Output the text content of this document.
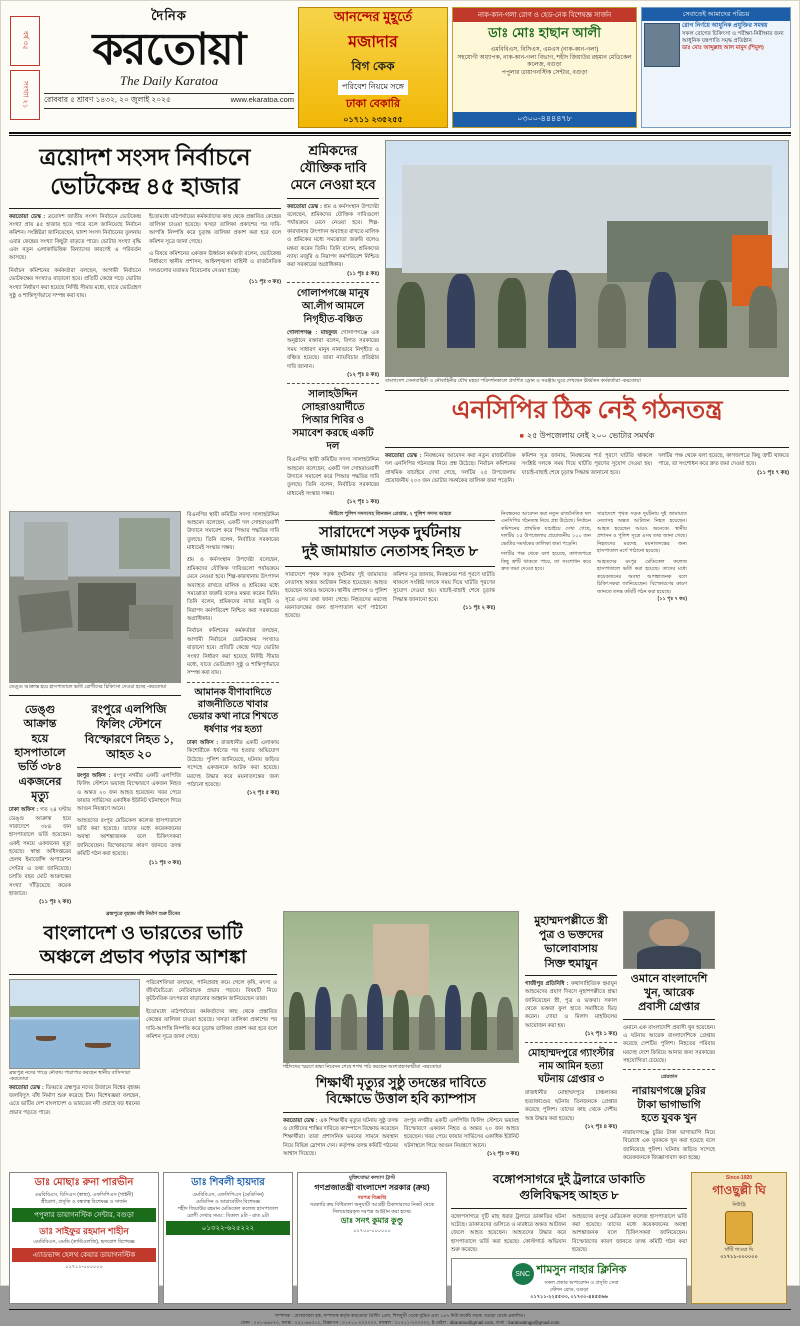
বর্ষ ৩৫
সংখ্যা ২১
দৈনিক
করতোয়া
The Daily Karatoa
রোববার ৫ শ্রাবণ ১৪৩২, ২০ জুলাই ২০২৫	www.ekaratoa.com
আনন্দের মুহূর্তে
মজাদার
বিগ কেক
পরিবেশ নিয়মে সঙ্গে
ঢাকা বেকারি
০১৭১১ ২৩৫২৫৫
নাক-কান-গলা রোগ ও হেড-নেক বিশেষজ্ঞ সার্জন
ডাঃ মোঃ হাছান আলী
এমবিবিএস, বিসিএস, এমএস (নাক-কান-গলা)
সহযোগী অধ্যাপক, নাক-কান-গলা বিভাগ, শহীদ জিয়াউর রহমান মেডিকেল কলেজ, বগুড়া
পপুলার ডায়াগনস্টিক সেন্টার, বগুড়া
০৩০০-৪৪৪৪৭৮
সেবাতেই আমাদের পরিচয়
রোগ নির্ণয়ে আধুনিক প্রযুক্তির সমন্বয়
সকল রোগের চিকিৎসা ও পরীক্ষা-নিরীক্ষার জন্য আধুনিক যন্ত্রপাতি সমৃদ্ধ প্রতিষ্ঠান
ডাঃ মোঃ আব্দুল্লাহ আল মামুন (শিমুল)
ত্রয়োদশ সংসদ নির্বাচনে
ভোটকেন্দ্র ৪৫ হাজার
করতোয়া ডেস্ক : ত্রয়োদশ জাতীয় সংসদ নির্বাচনে ভোটকেন্দ্র সংখ্যা প্রায় ৪৫ হাজার হতে পারে বলে জানিয়েছে নির্বাচন কমিশন। সংশ্লিষ্টরা জানিয়েছেন, দ্বাদশ সংসদ নির্বাচনের তুলনায় এবার কেন্দ্রের সংখ্যা কিছুটা বাড়তে পারে। ভোটার সংখ্যা বৃদ্ধি এবং নতুন এলাকাভিত্তিক বিন্যাসের কারণেই এ পরিবর্তন আসছে।

নির্বাচন কমিশনের কর্মকর্তারা বলছেন, আগামী নির্বাচনে ভোটকক্ষের সংখ্যাও বাড়ানো হবে। প্রতিটি কেন্দ্রে গড়ে ভোটার সংখ্যা নির্ধারণ করা হয়েছে নির্দিষ্ট সীমার মধ্যে, যাতে ভোটগ্রহণ সুষ্ঠু ও শান্তিপূর্ণভাবে সম্পন্ন করা যায়।

ইতোমধ্যে মাঠপর্যায়ের কর্মকর্তাদের কাছ থেকে প্রস্তাবিত কেন্দ্রের তালিকা চাওয়া হয়েছে। খসড়া তালিকা প্রকাশের পর দাবি-আপত্তি নিষ্পত্তি করে চূড়ান্ত তালিকা প্রকাশ করা হবে বলে কমিশন সূত্রে জানা গেছে।

এ বিষয়ে কমিশনের একজন ঊর্ধ্বতন কর্মকর্তা বলেন, ভোটকেন্দ্র নির্ধারণে স্থানীয় প্রশাসন, আইনশৃঙ্খলা বাহিনী ও রাজনৈতিক দলগুলোর মতামত বিবেচনায় নেওয়া হচ্ছে।

(১১ পৃঃ ৩ কঃ)

শ্রমিকদের যৌক্তিক দাবি মেনে নেওয়া হবে
করতোয়া ডেস্ক : শ্রম ও কর্মসংস্থান উপদেষ্টা বলেছেন, শ্রমিকদের যৌক্তিক দাবিগুলো পর্যায়ক্রমে মেনে নেওয়া হবে। শিল্প-কারখানায় উৎপাদন অব্যাহত রাখতে মালিক ও শ্রমিকের মধ্যে সমঝোতা জরুরি বলেও মন্তব্য করেন তিনি। তিনি বলেন, শ্রমিকদের ন্যায্য মজুরি ও নিরাপদ কর্মপরিবেশ নিশ্চিত করা সরকারের অগ্রাধিকার।
(১১ পৃঃ ৫ কঃ)
গোলাপগঞ্জে মানুষ আ.লীগ আমলে নিগৃহীত-বঞ্চিত
গোলাপগঞ্জ : মাহফুজ গোলাপগঞ্জে এক অনুষ্ঠানে বক্তারা বলেন, বিগত সরকারের সময় সাধারণ মানুষ নানাভাবে নিগৃহীত ও বঞ্চিত হয়েছে। তারা ন্যায়বিচার প্রতিষ্ঠার দাবি জানান।
(১২ পৃঃ ৪ কঃ)
সালাহউদ্দিন সোহরাওয়ার্দীতে পিআর শিবির ও সমাবেশ করছে একটি দল
বিএনপির স্থায়ী কমিটির সদস্য সালাহউদ্দিন আহমেদ বলেছেন, একটি দল সোহরাওয়ার্দী উদ্যানে সমাবেশ করে পিআর পদ্ধতির দাবি তুলছে। তিনি বলেন, নির্বাচিত সরকারের মাধ্যমেই সংস্কার সম্ভব।
(১২ পৃঃ ১ কঃ)
বাংলাদেশ সেনাবাহিনী ও নৌবাহিনীর যৌথ মহড়া পরিদর্শনকালে প্রদর্শিত ড্রোন ও সরঞ্জাম ঘুরে দেখছেন ঊর্ধ্বতন কর্মকর্তারা -করতোয়া
এনসিপির ঠিক নেই গঠনতন্ত্র
■ ২৫ উপজেলায় নেই ২০০ ভোটার সমর্থক
করতোয়া ডেস্ক : নিবন্ধনের আবেদন করা নতুন রাজনৈতিক দল এনসিপির গঠনতন্ত্র নিয়ে প্রশ্ন উঠেছে। নির্বাচন কমিশনের প্রাথমিক যাচাইয়ে দেখা গেছে, দলটির ২৫ উপজেলায় প্রয়োজনীয় ২০০ জন ভোটার সমর্থকের তালিকা জমা পড়েনি।
কমিশন সূত্র জানায়, নিবন্ধনের শর্ত পূরণে ঘাটতি থাকলে সংশ্লিষ্ট দলকে সময় দিয়ে ঘাটতি পূরণের সুযোগ দেওয়া হয়। যাচাই-বাছাই শেষে চূড়ান্ত সিদ্ধান্ত জানানো হবে।
দলটির পক্ষ থেকে বলা হয়েছে, কাগজপত্রে কিছু ত্রুটি থাকতে পারে, তা সংশোধন করে দ্রুত জমা দেওয়া হবে।
(১১ পৃঃ ৭ কঃ)
ডেঙ্গু আক্রান্ত হয়ে হাসপাতালে ভর্তি রোগীদের চিকিৎসা দেওয়া হচ্ছে -করতোয়া
ডেঙ্গু আক্রান্ত
হয়ে হাসপাতালে
ভর্তি ৩৮৪
একজনের মৃত্যু
ঢাকা অফিস : গত ২৪ ঘণ্টায় ডেঙ্গু আক্রান্ত হয়ে সারাদেশে ৩৮৪ জন হাসপাতালে ভর্তি হয়েছেন। একই সময়ে একজনের মৃত্যু হয়েছে। স্বাস্থ্য অধিদপ্তরের হেলথ ইমার্জেন্সি অপারেশন সেন্টার এ তথ্য জানিয়েছে। চলতি বছর মোট আক্রান্তের সংখ্যা দাঁড়িয়েছে কয়েক হাজারে।
(১১ পৃঃ ২ কঃ)
রংপুরে এলপিজি ফিলিং স্টেশনে
বিস্ফোরণে নিহত ১, আহত ২০
রংপুর অফিস : রংপুর নগরীর একটি এলপিজি ফিলিং স্টেশনে ভয়াবহ বিস্ফোরণে একজন নিহত ও অন্তত ২০ জন আহত হয়েছেন। খবর পেয়ে ফায়ার সার্ভিসের একাধিক ইউনিট ঘটনাস্থলে গিয়ে আগুন নিয়ন্ত্রণে আনে।

আহতদের রংপুর মেডিকেল কলেজ হাসপাতালে ভর্তি করা হয়েছে। তাদের মধ্যে কয়েকজনের অবস্থা আশঙ্কাজনক বলে চিকিৎসকরা জানিয়েছেন। বিস্ফোরণের কারণ জানতে তদন্ত কমিটি গঠন করা হয়েছে।

(১১ পৃঃ ৩ কঃ)
বিএনপির স্থায়ী কমিটির সদস্য সালাহউদ্দিন আহমেদ বলেছেন, একটি দল সোহরাওয়ার্দী উদ্যানে সমাবেশ করে পিআর পদ্ধতির দাবি তুলছে। তিনি বলেন, নির্বাচিত সরকারের মাধ্যমেই সংস্কার সম্ভব।

শ্রম ও কর্মসংস্থান উপদেষ্টা বলেছেন, শ্রমিকদের যৌক্তিক দাবিগুলো পর্যায়ক্রমে মেনে নেওয়া হবে। শিল্প-কারখানায় উৎপাদন অব্যাহত রাখতে মালিক ও শ্রমিকের মধ্যে সমঝোতা জরুরি বলেও মন্তব্য করেন তিনি। তিনি বলেন, শ্রমিকদের ন্যায্য মজুরি ও নিরাপদ কর্মপরিবেশ নিশ্চিত করা সরকারের অগ্রাধিকার।

নির্বাচন কমিশনের কর্মকর্তারা বলছেন, আগামী নির্বাচনে ভোটকক্ষের সংখ্যাও বাড়ানো হবে। প্রতিটি কেন্দ্রে গড়ে ভোটার সংখ্যা নির্ধারণ করা হয়েছে নির্দিষ্ট সীমার মধ্যে, যাতে ভোটগ্রহণ সুষ্ঠু ও শান্তিপূর্ণভাবে সম্পন্ন করা যায়।

আমানক বীণাবাদিতে রাজনীতিতে খাবার ভেয়ার কথা নারে শিখতে ধর্ষণার পর হত্যা
ঢাকা অফিস : রাজধানীর একটি এলাকায় কিশোরীকে ধর্ষণের পর হত্যার অভিযোগ উঠেছে। পুলিশ জানিয়েছে, ঘটনায় জড়িত সন্দেহে একজনকে আটক করা হয়েছে। মরদেহ উদ্ধার করে ময়নাতদন্তের জন্য পাঠানো হয়েছে।
(১২ পৃঃ ৫ কঃ)
স্টাইলে পুলিশ সদস্যসহ তিনজন গ্রেপ্তার, ২ পুলিশ সদস্য আহত
সারাদেশে সড়ক দুর্ঘটনায়
দুই জামায়াত নেতাসহ নিহত ৮
সারাদেশে পৃথক সড়ক দুর্ঘটনায় দুই জামায়াত নেতাসহ অন্তত আটজন নিহত হয়েছেন। আহত হয়েছেন আরও অনেকে। স্থানীয় প্রশাসন ও পুলিশ সূত্রে এসব তথ্য জানা গেছে। নিহতদের মরদেহ ময়নাতদন্তের জন্য হাসপাতাল মর্গে পাঠানো হয়েছে।
কমিশন সূত্র জানায়, নিবন্ধনের শর্ত পূরণে ঘাটতি থাকলে সংশ্লিষ্ট দলকে সময় দিয়ে ঘাটতি পূরণের সুযোগ দেওয়া হয়। যাচাই-বাছাই শেষে চূড়ান্ত সিদ্ধান্ত জানানো হবে।
(১১ পৃঃ ২ কঃ)
নিবন্ধনের আবেদন করা নতুন রাজনৈতিক দল এনসিপির গঠনতন্ত্র নিয়ে প্রশ্ন উঠেছে। নির্বাচন কমিশনের প্রাথমিক যাচাইয়ে দেখা গেছে, দলটির ২৫ উপজেলায় প্রয়োজনীয় ২০০ জন ভোটার সমর্থকের তালিকা জমা পড়েনি।

দলটির পক্ষ থেকে বলা হয়েছে, কাগজপত্রে কিছু ত্রুটি থাকতে পারে, তা সংশোধন করে দ্রুত জমা দেওয়া হবে।

সারাদেশে পৃথক সড়ক দুর্ঘটনায় দুই জামায়াত নেতাসহ অন্তত আটজন নিহত হয়েছেন। আহত হয়েছেন আরও অনেকে। স্থানীয় প্রশাসন ও পুলিশ সূত্রে এসব তথ্য জানা গেছে। নিহতদের মরদেহ ময়নাতদন্তের জন্য হাসপাতাল মর্গে পাঠানো হয়েছে।

আহতদের রংপুর মেডিকেল কলেজ হাসপাতালে ভর্তি করা হয়েছে। তাদের মধ্যে কয়েকজনের অবস্থা আশঙ্কাজনক বলে চিকিৎসকরা জানিয়েছেন। বিস্ফোরণের কারণ জানতে তদন্ত কমিটি গঠন করা হয়েছে।

(১১ পৃঃ ৭ কঃ)
ব্রহ্মপুত্রে বৃহত্তম বাঁধ নির্মাণ শুরু চীনের
বাংলাদেশ ও ভারতের ভাটি
অঞ্চলে প্রভাব পড়ার আশঙ্কা
ব্রহ্মপুত্র নদের পাড়ে নৌকায় পারাপার করছেন স্থানীয় বাসিন্দারা -করতোয়া
করতোয়া ডেস্ক : তিব্বতে ব্রহ্মপুত্র নদের উজানে বিশ্বের বৃহত্তম জলবিদ্যুৎ বাঁধ নির্মাণ শুরু করেছে চীন। বিশেষজ্ঞরা বলছেন, এতে ভাটির দেশ বাংলাদেশ ও ভারতের নদী প্রবাহে বড় ধরনের প্রভাব পড়তে পারে।
পরিবেশবিদরা বলছেন, পানিপ্রবাহ কমে গেলে কৃষি, মৎস্য ও জীববৈচিত্র্যে নেতিবাচক প্রভাব পড়বে। বিষয়টি নিয়ে কূটনৈতিক তৎপরতা বাড়ানোর আহ্বান জানিয়েছেন তারা।

ইতোমধ্যে মাঠপর্যায়ের কর্মকর্তাদের কাছ থেকে প্রস্তাবিত কেন্দ্রের তালিকা চাওয়া হয়েছে। খসড়া তালিকা প্রকাশের পর দাবি-আপত্তি নিষ্পত্তি করে চূড়ান্ত তালিকা প্রকাশ করা হবে বলে কমিশন সূত্রে জানা গেছে।

শহীদদের স্মরণে শ্রদ্ধা নিবেদন শেষে শপথ পাঠ করছেন অংশগ্রহণকারীরা -করতোয়া
শিক্ষার্থী মৃত্যুর সুষ্ঠু তদন্তের দাবিতে
বিক্ষোভে উত্তাল হবি ক্যাম্পাস
করতোয়া ডেস্ক : এক শিক্ষার্থীর মৃত্যুর ঘটনায় সুষ্ঠু তদন্ত ও দোষীদের শাস্তির দাবিতে ক্যাম্পাসে বিক্ষোভ করেছেন শিক্ষার্থীরা। তারা প্রশাসনিক ভবনের সামনে অবস্থান নিয়ে বিভিন্ন স্লোগান দেন। কর্তৃপক্ষ তদন্ত কমিটি গঠনের আশ্বাস দিয়েছে।
রংপুর নগরীর একটি এলপিজি ফিলিং স্টেশনে ভয়াবহ বিস্ফোরণে একজন নিহত ও অন্তত ২০ জন আহত হয়েছেন। খবর পেয়ে ফায়ার সার্ভিসের একাধিক ইউনিট ঘটনাস্থলে গিয়ে আগুন নিয়ন্ত্রণে আনে।
(১২ পৃঃ ৩ কঃ)
মুহাম্মদপল্লীতে স্ত্রী
পুত্র ও ভক্তদের
ভালোবাসায়
সিক্ত হুমায়ুন
গাজীপুর প্রতিনিধি : কথাসাহিত্যিক হুমায়ূন আহমেদের প্রয়াণ দিবসে নুহাশপল্লীতে শ্রদ্ধা জানিয়েছেন স্ত্রী, পুত্র ও ভক্তরা। সকাল থেকে ভক্তরা ফুল হাতে সমাধিতে ভিড় করেন। দোয়া ও মিলাদ মাহফিলের আয়োজন করা হয়।
(১২ পৃঃ ১ কঃ)
মোহাম্মদপুরে গ্যাংস্টার নাম আমিন হত্যা ঘটনায় গ্রেপ্তার ৩
রাজধানীর মোহাম্মদপুরে চাঞ্চল্যকর হত্যাকাণ্ডের ঘটনায় তিনজনকে গ্রেপ্তার করেছে পুলিশ। তাদের কাছ থেকে দেশীয় অস্ত্র উদ্ধার করা হয়েছে।
(১২ পৃঃ ৪ কঃ)
ওমানে বাংলাদেশি
খুন, আরেক
প্রবাসী গ্রেপ্তার
ওমানে এক বাংলাদেশি প্রবাসী খুন হয়েছেন। এ ঘটনায় আরেক বাংলাদেশিকে গ্রেপ্তার করেছে দেশটির পুলিশ। নিহতের পরিবার মরদেহ দেশে ফিরিয়ে আনার জন্য সরকারের সহযোগিতা চেয়েছে।
প্রেরতান
নারায়ণগঞ্জে চুরির
টাকা ভাগাভাগি
হতে যুবক খুন
নারায়ণগঞ্জে চুরির টাকা ভাগাভাগি নিয়ে বিরোধে এক যুবককে খুন করা হয়েছে বলে জানিয়েছে পুলিশ। ঘটনায় জড়িত সন্দেহে কয়েকজনকে জিজ্ঞাসাবাদ করা হচ্ছে।
ডাঃ মোছাঃ রুনা পারভীন
এমবিবিএস, বিসিএস (স্বাস্থ্য), এফসিপিএস (গাইনী)
স্ত্রীরোগ, প্রসূতি ও বন্ধ্যাত্ব বিশেষজ্ঞ ও সার্জন
পপুলার ডায়াগনস্টিক সেন্টার, বগুড়া
ডাঃ সাইফুর রহমান শাহীন
এমবিবিএস, এমডি (কার্ডিওলজি), হৃদরোগ বিশেষজ্ঞ
এ্যাডভান্স হেলথ কেয়ার ডায়াগনস্টিক
০১৭১১-০০০০০০
ডাঃ শিবলী হায়দার
এমবিবিএস, এফসিপিএস (মেডিসিন)
মেডিসিন ও ডায়াবেটিস বিশেষজ্ঞ
শহীদ জিয়াউর রহমান মেডিকেল কলেজ হাসপাতাল
রোগী দেখার সময় : বিকাল ৪টা - রাত ৯টা
০১৩২২-৬২৫২২২
মুক্তিযোদ্ধা কল্যাণ ট্রাস্ট
গণপ্রজাতন্ত্রী বাংলাদেশ সরকার (ক্রয়)
দরপত্র বিজ্ঞপ্তি
সরকারি ক্রয় বিধিমালা অনুযায়ী আগ্রহী ঠিকাদারদের নিকট থেকে সিলমোহরকৃত দরপত্র আহ্বান করা হচ্ছে।
ডাঃ সনৎ কুমার কুণ্ডু
০১৭০০-০০০০০০
বঙ্গোপসাগরে দুই ট্রলারে ডাকাতি
গুলিবিদ্ধসহ আহত ৮
বঙ্গোপসাগরে দুটি মাছ ধরার ট্রলারে ডাকাতির ঘটনা ঘটেছে। ডাকাতদের গুলিতে ও মারধরে অন্তত আটজন জেলে আহত হয়েছেন। আহতদের উদ্ধার করে হাসপাতালে ভর্তি করা হয়েছে। কোস্টগার্ড অভিযান শুরু করেছে।
আহতদের রংপুর মেডিকেল কলেজ হাসপাতালে ভর্তি করা হয়েছে। তাদের মধ্যে কয়েকজনের অবস্থা আশঙ্কাজনক বলে চিকিৎসকরা জানিয়েছেন। বিস্ফোরণের কারণ জানতে তদন্ত কমিটি গঠন করা হয়েছে।
SNC শামসুন নাহার ক্লিনিক
সকল প্রকার অপারেশন ও প্রসূতি সেবা
স্টেশন রোড, বগুড়া
০১৭১১-২২৫৫৩৩, ০১৭৩০-৪৪৫৫৬৬
Since-1920
গাওছুল্লী ঘি
নিউট্রি
খাঁটি গাওয়া ঘি
০১৭১১-০০০০০০
সম্পাদক : মোজাম্মেল হক, সম্পাদক কর্তৃক করতোয়া প্রিন্টিং প্রেস, শিলমুখী থেকে মুদ্রিত এবং ১৪৭ নিউ মার্কেট সড়ক, বগুড়া থেকে প্রকাশিত।
ফোন : ০৫১-৬৬৫৭০, ফ্যাক্স : ০৫১-৬৬৩১২, বিজ্ঞাপন : ০১৭১১-০০০০০০, মফস্বল : ০১৭১১-০০০০০০, ই-মেইল : dkaratoa@gmail.com, বার্তা : karatoabngp@gmail.com
